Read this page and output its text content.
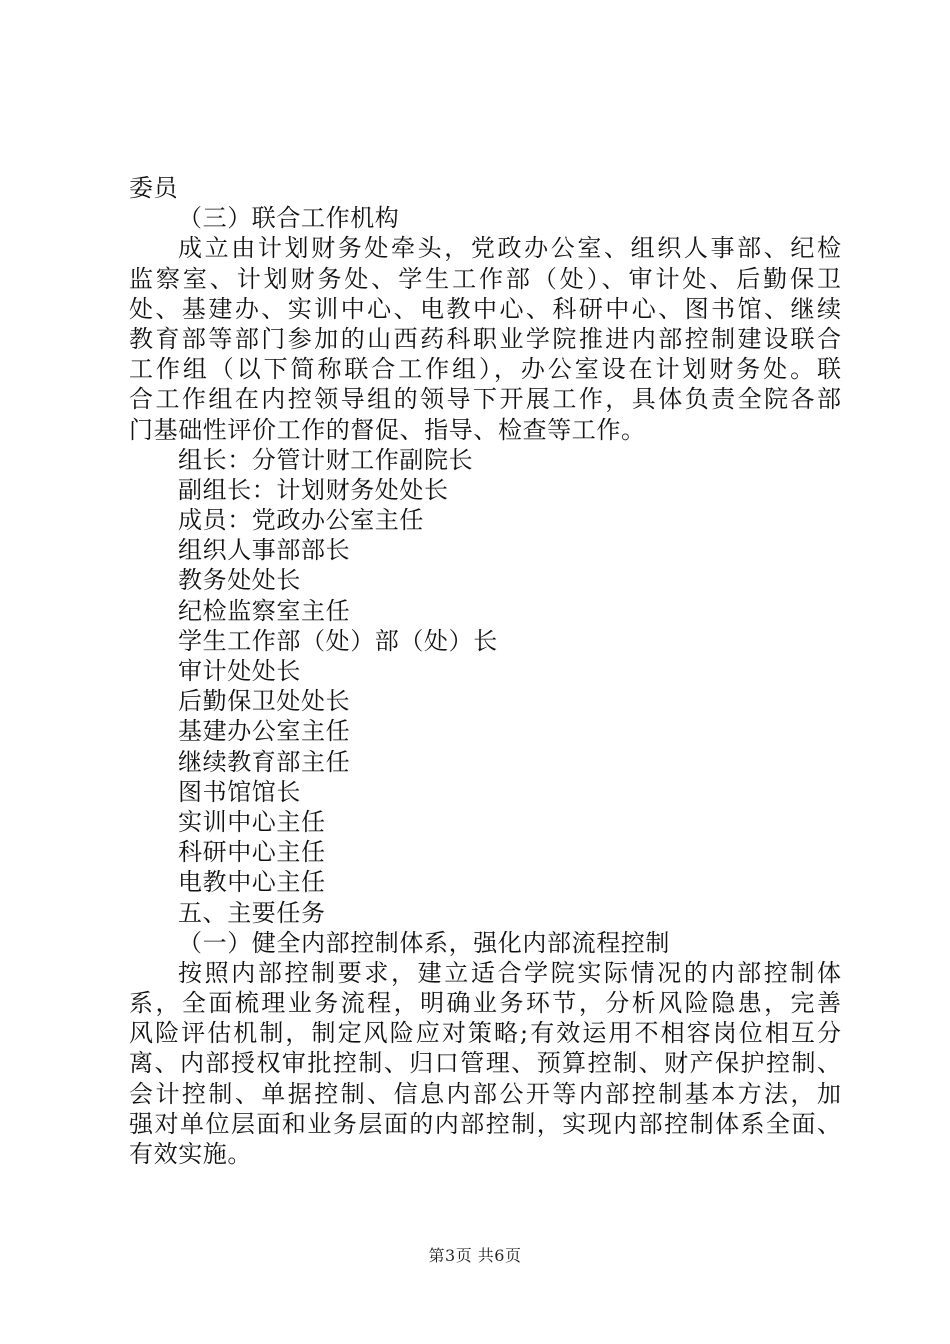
委员
（三）联合工作机构
成立由计划财务处牵头，党政办公室、组织人事部、纪检
监察室、计划财务处、学生工作部（处）、审计处、后勤保卫
处、基建办、实训中心、电教中心、科研中心、图书馆、继续
教育部等部门参加的山西药科职业学院推进内部控制建设联合
工作组（以下简称联合工作组），办公室设在计划财务处。联
合工作组在内控领导组的领导下开展工作，具体负责全院各部
门基础性评价工作的督促、指导、检查等工作。
组长：分管计财工作副院长
副组长：计划财务处处长
成员：党政办公室主任
组织人事部部长
教务处处长
纪检监察室主任
学生工作部（处）部（处）长
审计处处长
后勤保卫处处长
基建办公室主任
继续教育部主任
图书馆馆长
实训中心主任
科研中心主任
电教中心主任
五、主要任务
（一）健全内部控制体系，强化内部流程控制
按照内部控制要求，建立适合学院实际情况的内部控制体
系，全面梳理业务流程，明确业务环节，分析风险隐患，完善
风险评估机制，制定风险应对策略;有效运用不相容岗位相互分
离、内部授权审批控制、归口管理、预算控制、财产保护控制、
会计控制、单据控制、信息内部公开等内部控制基本方法，加
强对单位层面和业务层面的内部控制，实现内部控制体系全面、
有效实施。
第3页 共6页
